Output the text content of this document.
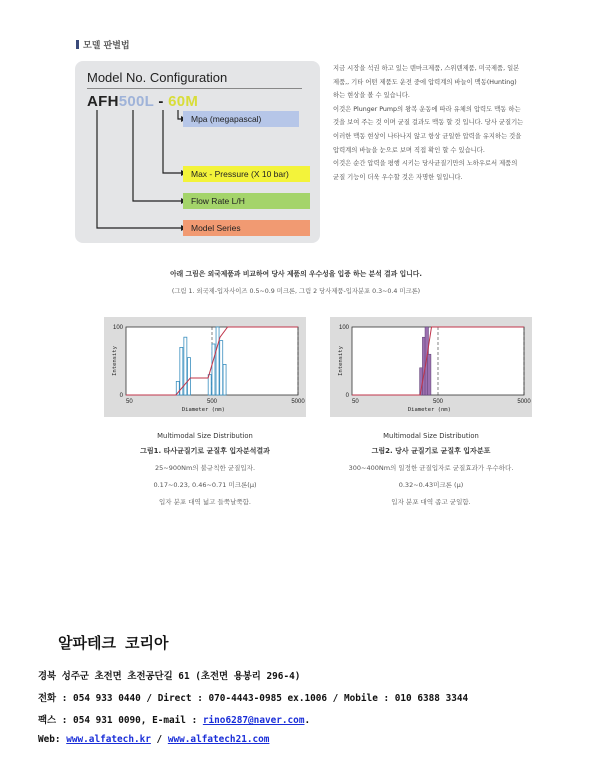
모델 판별법
Model No. Configuration
AFH500L - 60M
Mpa (megapascal)
Max - Pressure (X 10 bar)
Flow Rate L/H
Model Series

지금 시장을 석권 하고 있는 덴마크제품, 스위덴제품, 미국제품, 일본

제품,, 기타 어떤 제품도 운전 중에 압력계의 바늘이 맥동(Hunting)

하는 현상을 볼 수 있습니다.

이것은 Plunger Pump의 왕복 운동에 따라 유체의 압력도 맥동 하는

것을 보여 주는 것 이며 균질 걸과도 맥동 할 것 입니다. 당사 균질기는

이러한 맥동 현상이 나타나지 않고 항상 균일한 압력을 유지하는 것을

압력계의 바늘을 눈으로 보며 직접 확인 할 수 있습니다.

이것은 순간 압력을 평행 시키는 당사균질기만의 노하우로서 제품의

균질 기능이 더욱 우수할 것은 자명한 일입니다.

아래 그림은 외국제품과 비교하여 당사 제품의 우수성을 입증 하는 분석 결과 입니다.
(그림 1. 외국제-입자사이즈 0.5~0.9 미크론, 그림 2 당사제품-입자분포 0.3~0.4 미크론)
50	500	5000
100
0
Diameter (nm)
Intensity
50	500	5000
100
0
Diameter (nm)
Intensity
Multimodal Size Distribution
그림1. 타사균질기로 균질후 입자분석결과
25~900Nm의 불규칙한 균질입자.
0.17~0.23, 0.46~0.71 미크론(μ)
입자 분포 대역 넓고 들쭉날쭉함.
Multimodal Size Distribution
그림2. 당사 균질기로 균질후 입자분포
300~400Nm의 일정한 균질입자로 균질효과가 우수하다.
0.32~0.43미크론 (μ)
입자 분포 대역 좁고 균일함.
알파테크 코리아
경북 성주군 초전면 초전공단길 61 (초전면 용봉리 296-4)
전화 : 054 933 0440 / Direct : 070-4443-0985 ex.1006 / Mobile : 010 6388 3344
팩스 : 054 931 0090, E-mail : rino6287@naver.com.
Web: www.alfatech.kr / www.alfatech21.com
